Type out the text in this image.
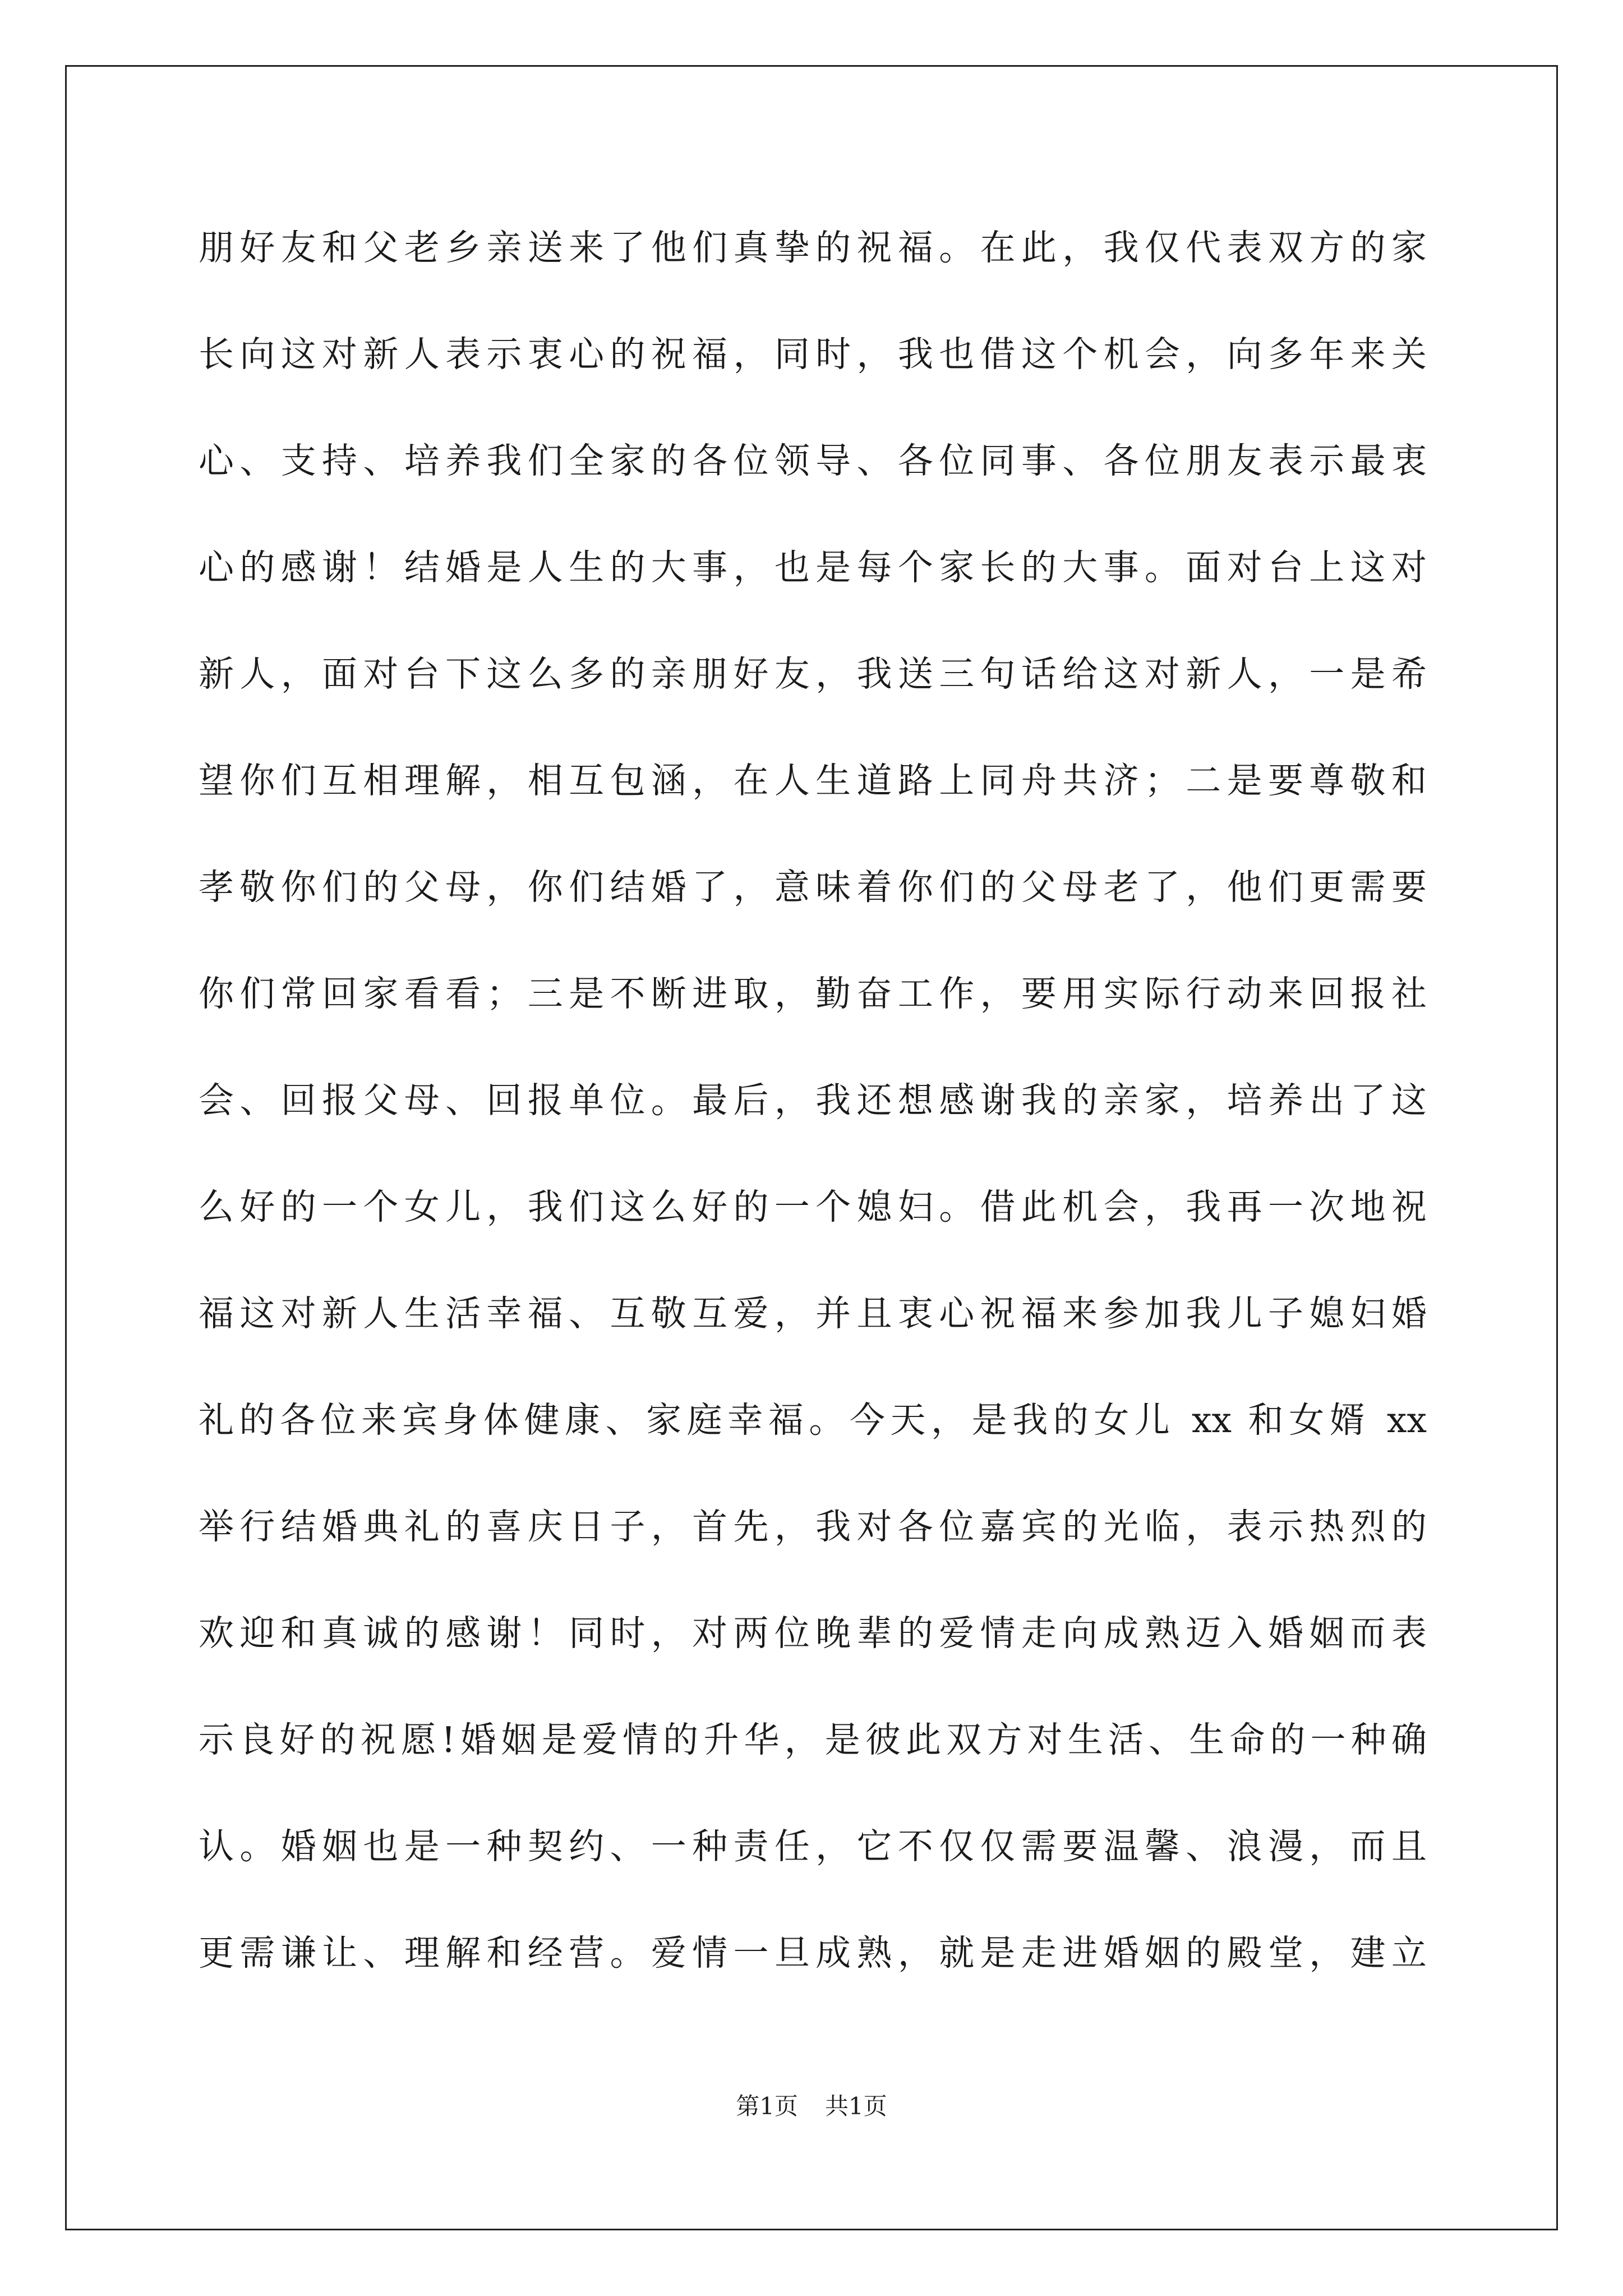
朋好友和父老乡亲送来了他们真挚的祝福。在此，我仅代表双方的家
长向这对新人表示衷心的祝福，同时，我也借这个机会，向多年来关
心、支持、培养我们全家的各位领导、各位同事、各位朋友表示最衷
心的感谢！结婚是人生的大事，也是每个家长的大事。面对台上这对
新人，面对台下这么多的亲朋好友，我送三句话给这对新人，一是希
望你们互相理解，相互包涵，在人生道路上同舟共济；二是要尊敬和
孝敬你们的父母，你们结婚了，意味着你们的父母老了，他们更需要
你们常回家看看；三是不断进取，勤奋工作，要用实际行动来回报社
会、回报父母、回报单位。最后，我还想感谢我的亲家，培养出了这
么好的一个女儿，我们这么好的一个媳妇。借此机会，我再一次地祝
福这对新人生活幸福、互敬互爱，并且衷心祝福来参加我儿子媳妇婚
礼的各位来宾身体健康、家庭幸福。今天，是我的女儿 xx 和女婿 xx
举行结婚典礼的喜庆日子，首先，我对各位嘉宾的光临，表示热烈的
欢迎和真诚的感谢！同时，对两位晚辈的爱情走向成熟迈入婚姻而表
示良好的祝愿!婚姻是爱情的升华，是彼此双方对生活、生命的一种确
认。婚姻也是一种契约、一种责任，它不仅仅需要温馨、浪漫，而且
更需谦让、理解和经营。爱情一旦成熟，就是走进婚姻的殿堂，建立
第1页 共1页
